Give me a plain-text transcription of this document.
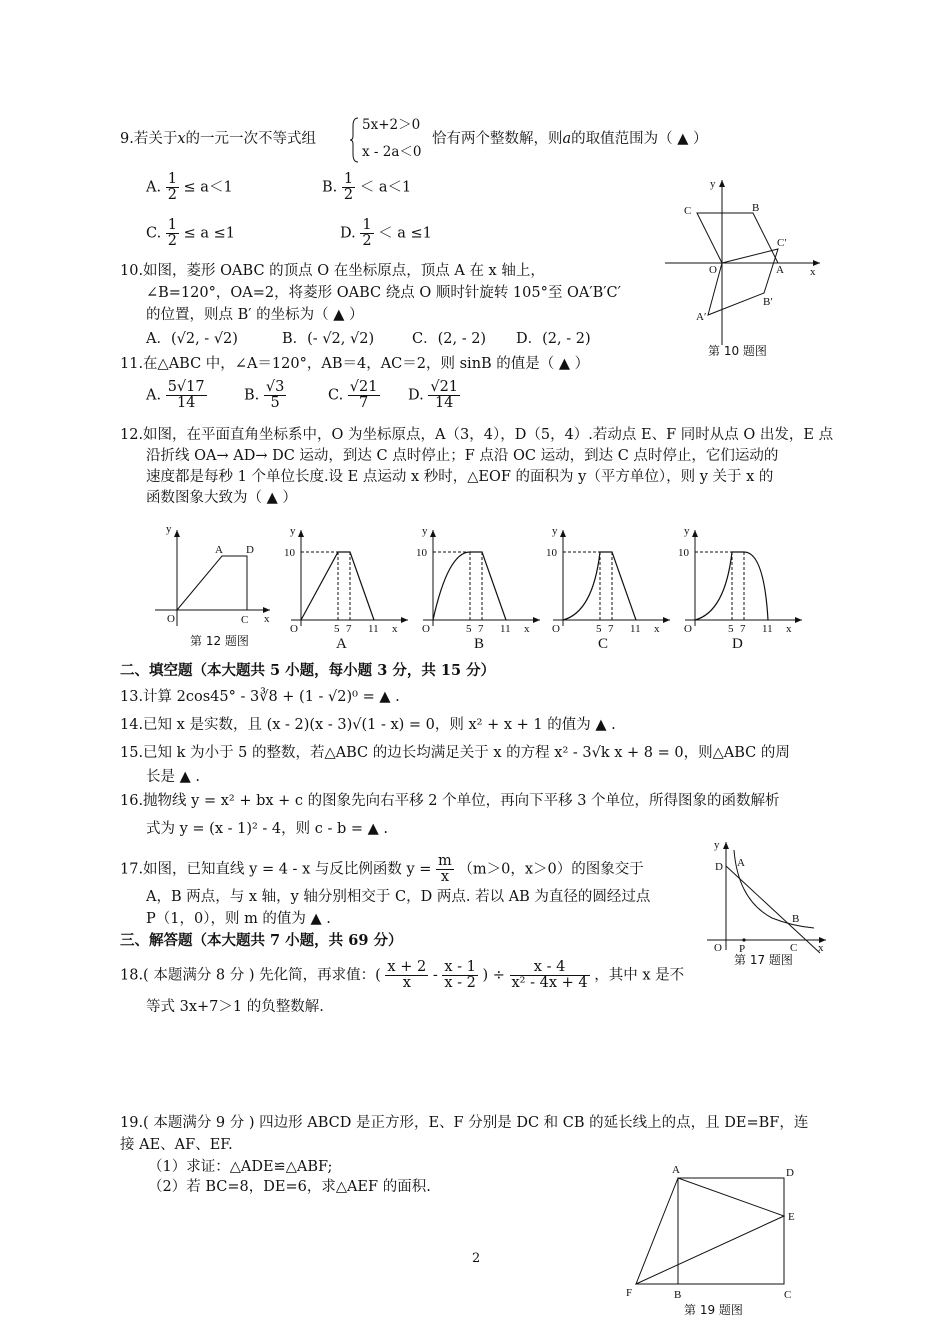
9.若关于x的一元一次不等式组
5x+2＞0
x - 2a＜0
恰有两个整数解，则a的取值范围为（ ▲ ）
A. $\frac{1}{2} \le a<1$	B. $\frac{1}{2} < a<1$
C. $\frac{1}{2} \le a \le 1$	D. $\frac{1}{2} < a \le 1$
y
x
O	A
B
C
C′
B′
A′
第 10 题图
10.如图，菱形 OABC 的顶点 O 在坐标原点，顶点 A 在 x 轴上，
∠B=120°，OA=2，将菱形 OABC 绕点 O 顺时针旋转 105°至 OA′B′C′
的位置，则点 B′ 的坐标为（ ▲ ）
A．(√2, - √2)	B．(- √2, √2)	C．(2, - 2) D．(2, - 2)
11.在△ABC 中，∠A＝120°，AB＝4，AC＝2，则 sinB 的值是（ ▲ ）
A. $\frac{5√17}{14}$	B. $\frac{√3}{5}$	C. $\frac{√21}{7} D$. $\frac{√21}{14}$
12.如图，在平面直角坐标系中，O 为坐标原点，A（3，4），D（5，4）.若动点 E、F 同时从点 O 出发，E 点
沿折线 OA→ AD→ DC 运动，到达 C 点时停止；F 点沿 OC 运动，到达 C 点时停止，它们运动的
速度都是每秒 1 个单位长度.设 E 点运动 x 秒时，△EOF 的面积为 y（平方单位），则 y 关于 x 的
函数图象大致为（ ▲ ）
y
x
O
A D
C
第 12 题图
y
10
O	5 7 11 x
A
y
10
O	5 7 11 x
B
y
10
O	5 7 11 x
C
y
10
O	5 7 11 x
D
二、填空题（本大题共 5 小题，每小题 3 分，共 15 分）
13.计算 2cos45° - 3∛8 + (1 - √2)⁰ = ▲ .
14.已知 x 是实数，且 (x - 2)(x - 3)√(1 - x) = 0，则 x² + x + 1 的值为 ▲ .
15.已知 k 为小于 5 的整数，若△ABC 的边长均满足关于 x 的方程 x² - 3√k x + 8 = 0，则△ABC 的周
长是 ▲ .
16.抛物线 y = x² + bx + c 的图象先向右平移 2 个单位，再向下平移 3 个单位，所得图象的函数解析
式为 y = (x - 1)² - 4，则 c - b = ▲ .
17.如图，已知直线 y = 4 - x 与反比例函数 $y = \frac{m}{x} (m>0$，x＞0）的图象交于
A，B 两点，与 x 轴，y 轴分别相交于 C，D 两点. 若以 AB 为直径的圆经过点
P（1，0），则 m 的值为 ▲ .
y
x
O P
D A
B
C
第 17 题图
三、解答题（本大题共 7 小题，共 69 分）
18.( 本题满分 8 分 ) 先化简，再求值：( $\frac{x + 2}{x} - \frac{x - 1}{x - 2}$ ) ÷ $\frac{x - 4}{\text{x² - 4x + 4}}$ ，其中 x 是不
等式 3x+7＞1 的负整数解.
19.( 本题满分 9 分 ) 四边形 ABCD 是正方形，E、F 分别是 DC 和 CB 的延长线上的点，且 DE=BF，连
接 AE、AF、EF.
（1）求证：△ADE≌△ABF;
（2）若 BC=8，DE=6，求△AEF 的面积.
2
A	D
E
F	B	C
第 19 题图
